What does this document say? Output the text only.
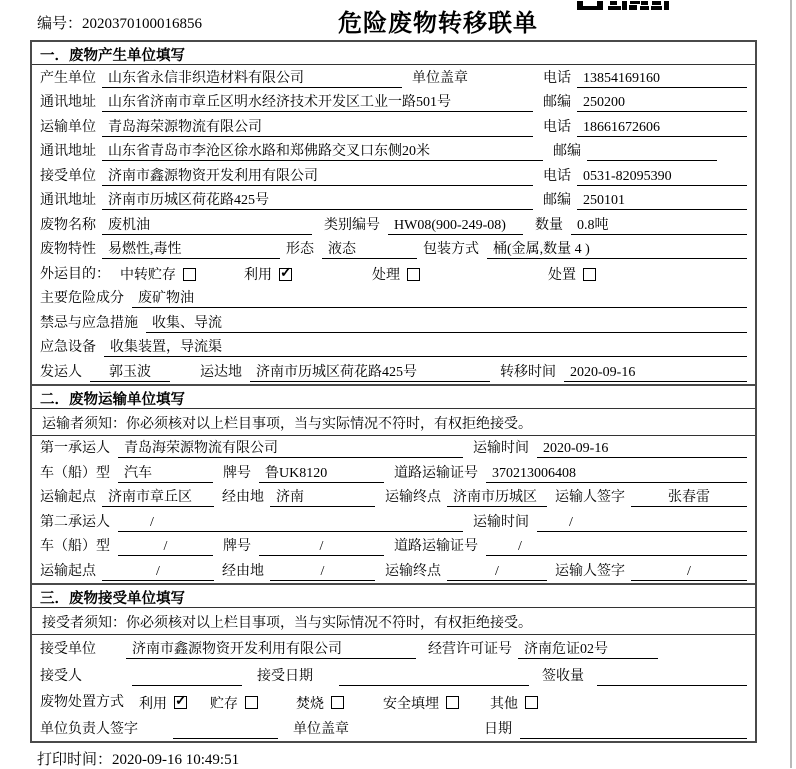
编号：2020370100016856	危险废物转移联单
一．废物产生单位填写
产生单位 山东省永信非织造材料有限公司	单位盖章	电话 13854169160
通讯地址 山东省济南市章丘区明水经济技术开发区工业一路501号	邮编 250200
运输单位 青岛海荣源物流有限公司	电话 18661672606
通讯地址 山东省青岛市李沧区徐水路和郑佛路交叉口东侧20米	邮编
接受单位 济南市鑫源物资开发利用有限公司	电话 0531-82095390
通讯地址 济南市历城区荷花路425号	邮编 250101
废物名称 废机油	类别编号	HW08(900-249-08)	数量	0.8吨
废物特性 易燃性,毒性	形态	液态	包装方式	桶(金属,数量 4 )
外运目的： 中转贮存	利用 ✓	处理	处置
主要危险成分	废矿物油
禁忌与应急措施	收集、导流
应急设备	收集装置，导流渠
发运人	郭玉波	运达地	济南市历城区荷花路425号	转移时间	2020-09-16
二．废物运输单位填写
运输者须知：你必须核对以上栏目事项，当与实际情况不符时，有权拒绝接受。
第一承运人	青岛海荣源物流有限公司	运输时间	2020-09-16
车（船）型	汽车	牌号	鲁UK8120	道路运输证号	370213006408
运输起点 济南市章丘区	经由地 济南	运输终点 济南市历城区	运输人签字	张春雷
第二承运人	/	运输时间	/
车（船）型	/	牌号	/	道路运输证号	/
运输起点	/	经由地	/	运输终点	/	运输人签字	/
三．废物接受单位填写
接受者须知：你必须核对以上栏目事项，当与实际情况不符时，有权拒绝接受。
接受单位	济南市鑫源物资开发利用有限公司	经营许可证号 济南危证02号
接受人	接受日期	签收量
废物处置方式 利用 ✓	贮存	焚烧	安全填埋	其他
单位负责人签字	单位盖章	日期
打印时间：2020-09-16 10:49:51
